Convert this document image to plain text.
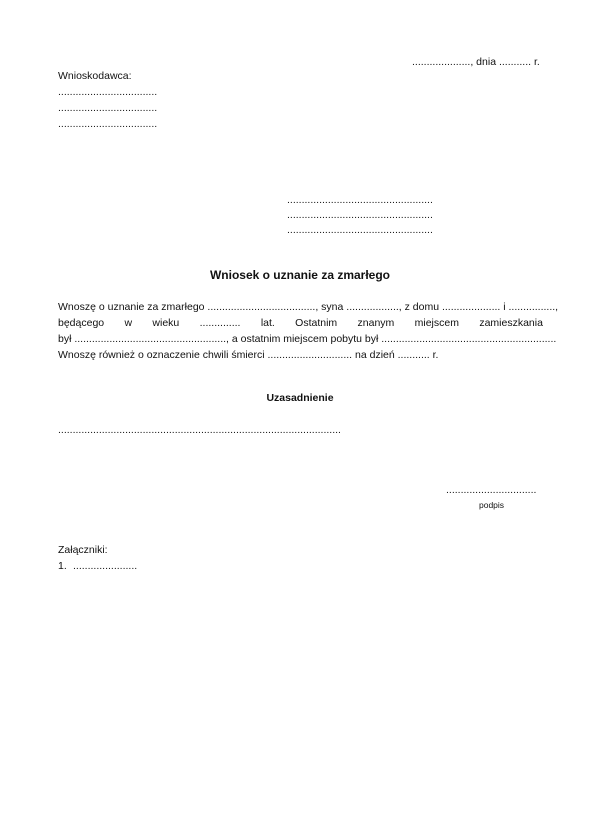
...................., dnia ........... r.
Wnioskodawca:
..................................
..................................
..................................
..................................................
..................................................
..................................................
Wniosek o uznanie za zmarłego
Wnoszę o uznanie za zmarłego ....................................., syna .................., z domu .................... i ................,
będącego w wieku .............. lat. Ostatnim znanym miejscem zamieszkania
był ...................................................., a ostatnim miejscem pobytu był ............................................................
Wnoszę również o oznaczenie chwili śmierci ............................. na dzień ........... r.
Uzasadnienie
.................................................................................................
...............................
podpis
Załączniki:
1. ......................
